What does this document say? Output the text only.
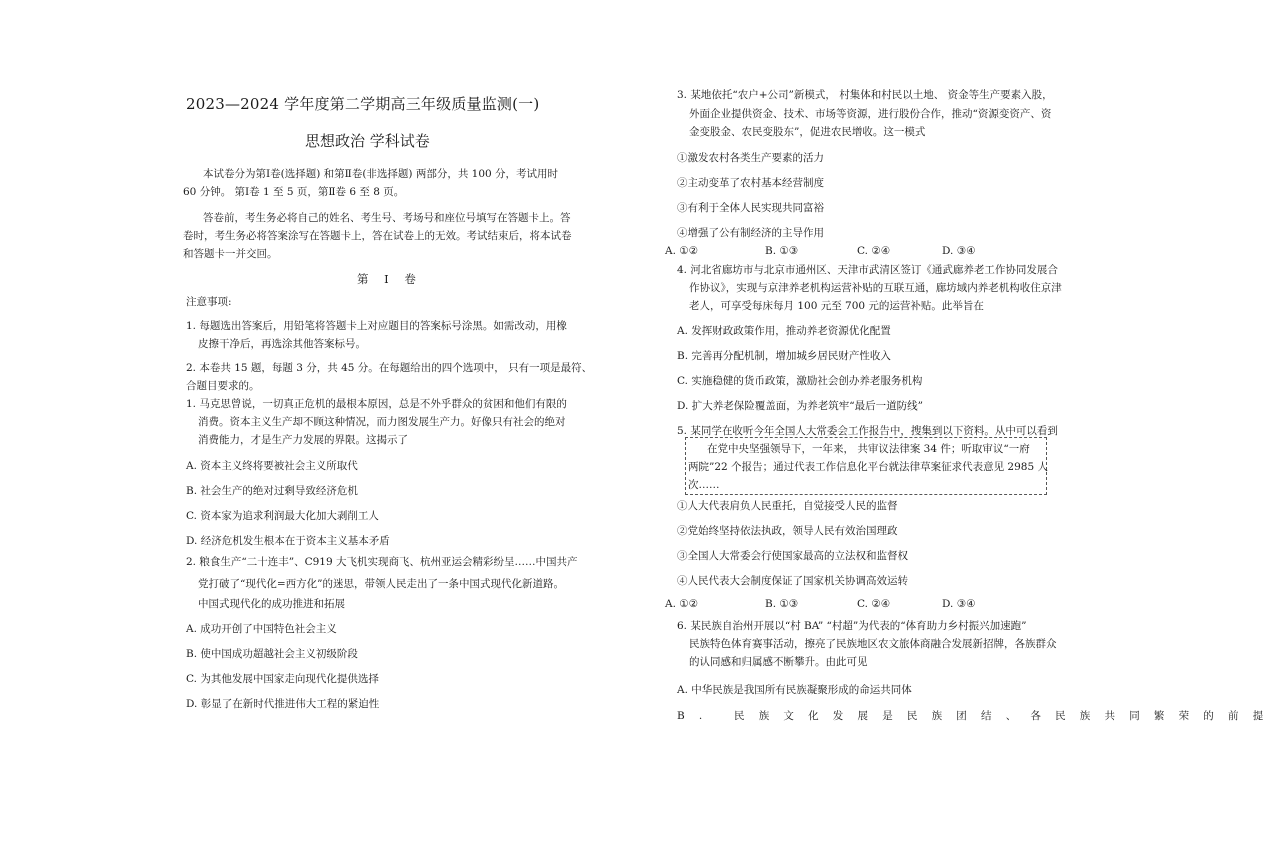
2023—2024 学年度第二学期高三年级质量监测(一)
思想政治 学科试卷
本试卷分为第Ⅰ卷(选择题) 和第Ⅱ卷(非选择题) 两部分，共 100 分，考试用时
60 分钟。 第Ⅰ卷 1 至 5 页，第Ⅱ卷 6 至 8 页。
答卷前，考生务必将自己的姓名、考生号、考场号和座位号填写在答题卡上。答
卷时，考生务必将答案涂写在答题卡上，答在试卷上的无效。考试结束后，将本试卷
和答题卡一并交回。
第 Ⅰ 卷
注意事项:
1. 每题选出答案后，用铅笔将答题卡上对应题目的答案标号涂黑。如需改动，用橡
皮擦干净后，再选涂其他答案标号。
2. 本卷共 15 题，每题 3 分，共 45 分。在每题给出的四个选项中， 只有一项是最符、
合题目要求的。
1. 马克思曾说，一切真正危机的最根本原因，总是不外乎群众的贫困和他们有限的
消费。资本主义生产却不顾这种情况，而力图发展生产力。好像只有社会的绝对
消费能力，才是生产力发展的界限。这揭示了
A. 资本主义终将要被社会主义所取代
B. 社会生产的绝对过剩导致经济危机
C. 资本家为追求利润最大化加大剥削工人
D. 经济危机发生根本在于资本主义基本矛盾
2. 粮食生产“二十连丰”、C919 大飞机实现商飞、杭州亚运会精彩纷呈……中国共产
党打破了“现代化=西方化”的迷思，带领人民走出了一条中国式现代化新道路。
中国式现代化的成功推进和拓展
A. 成功开创了中国特色社会主义
B. 使中国成功超越社会主义初级阶段
C. 为其他发展中国家走向现代化提供选择
D. 彰显了在新时代推进伟大工程的紧迫性
3. 某地依托“农户+公司”新模式， 村集体和村民以土地、 资金等生产要素入股，
外面企业提供资金、技术、市场等资源，进行股份合作，推动“资源变资产、资
金变股金、农民变股东”，促进农民增收。这一模式
①激发农村各类生产要素的活力
②主动变革了农村基本经营制度
③有利于全体人民实现共同富裕
④增强了公有制经济的主导作用
A. ①②	B. ①③	C. ②④	D. ③④
4. 河北省廊坊市与北京市通州区、天津市武清区签订《通武廊养老工作协同发展合
作协议》，实现与京津养老机构运营补贴的互联互通，廊坊域内养老机构收住京津
老人，可享受每床每月 100 元至 700 元的运营补贴。此举旨在
A. 发挥财政政策作用，推动养老资源优化配置
B. 完善再分配机制，增加城乡居民财产性收入
C. 实施稳健的货币政策，激励社会创办养老服务机构
D. 扩大养老保险覆盖面，为养老筑牢“最后一道防线”
5. 某同学在收听今年全国人大常委会工作报告中，搜集到以下资料。从中可以看到
在党中央坚强领导下，一年来， 共审议法律案 34 件；听取审议“一府
两院”22 个报告；通过代表工作信息化平台就法律草案征求代表意见 2985 人
次……
①人大代表肩负人民重托，自觉接受人民的监督
②党始终坚持依法执政，领导人民有效治国理政
③全国人大常委会行使国家最高的立法权和监督权
④人民代表大会制度保证了国家机关协调高效运转
A. ①②	B. ①③	C. ②④	D. ③④
6. 某民族自治州开展以“村 BA” “村超”为代表的“体育助力乡村振兴加速跑”
民族特色体育赛事活动，擦亮了民族地区农文旅体商融合发展新招牌，各族群众
的认同感和归属感不断攀升。由此可见
A. 中华民族是我国所有民族凝聚形成的命运共同体
B. 民族文化发展是民族团结、各民族共同繁荣的前提
